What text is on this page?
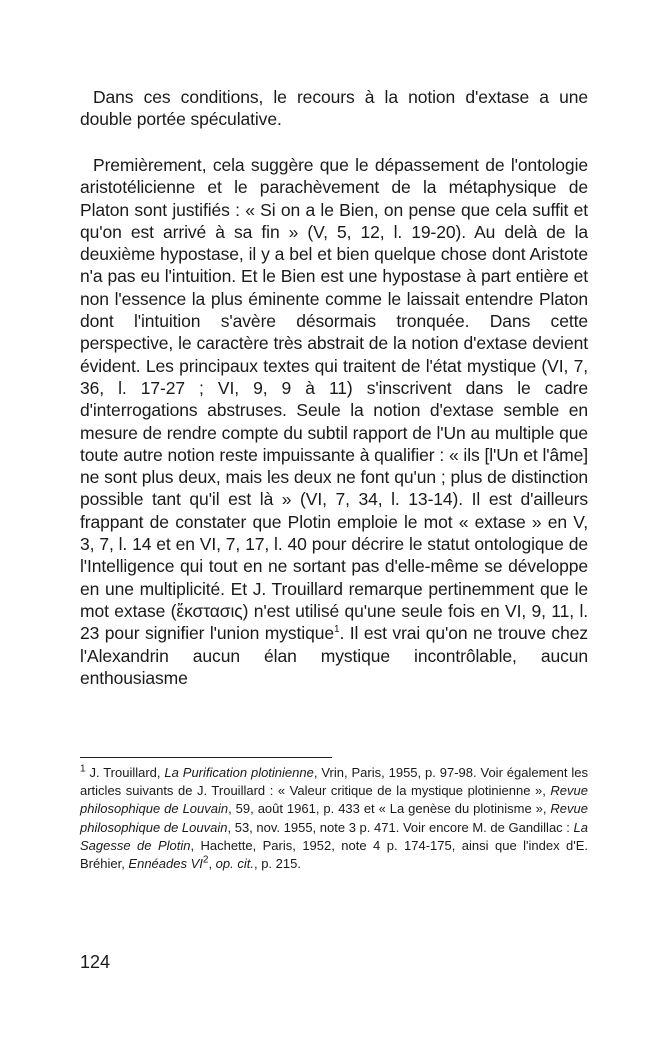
Dans ces conditions, le recours à la notion d'extase a une double portée spéculative.

Premièrement, cela suggère que le dépassement de l'ontologie aristotélicienne et le parachèvement de la métaphysique de Platon sont justifiés : « Si on a le Bien, on pense que cela suffit et qu'on est arrivé à sa fin » (V, 5, 12, l. 19-20). Au delà de la deuxième hypostase, il y a bel et bien quelque chose dont Aristote n'a pas eu l'intuition. Et le Bien est une hypostase à part entière et non l'essence la plus éminente comme le laissait entendre Platon dont l'intuition s'avère désormais tronquée. Dans cette perspective, le caractère très abstrait de la notion d'extase devient évident. Les principaux textes qui traitent de l'état mystique (VI, 7, 36, l. 17-27 ; VI, 9, 9 à 11) s'inscrivent dans le cadre d'interrogations abstruses. Seule la notion d'extase semble en mesure de rendre compte du subtil rapport de l'Un au multiple que toute autre notion reste impuissante à qualifier : « ils [l'Un et l'âme] ne sont plus deux, mais les deux ne font qu'un ; plus de distinction possible tant qu'il est là » (VI, 7, 34, l. 13-14). Il est d'ailleurs frappant de constater que Plotin emploie le mot « extase » en V, 3, 7, l. 14 et en VI, 7, 17, l. 40 pour décrire le statut ontologique de l'Intelligence qui tout en ne sortant pas d'elle-même se développe en une multiplicité. Et J. Trouillard remarque pertinemment que le mot extase (ἔκστασις) n'est utilisé qu'une seule fois en VI, 9, 11, l. 23 pour signifier l'union mystique$^1$. Il est vrai qu'on ne trouve chez l'Alexandrin aucun élan mystique incontrôlable, aucun enthousiasme

$^1$ J. Trouillard, La Purification plotinienne, Vrin, Paris, 1955, p. 97-98. Voir également les articles suivants de J. Trouillard : « Valeur critique de la mystique plotinienne », Revue philosophique de Louvain, 59, août 1961, p. 433 et « La genèse du plotinisme », Revue philosophique de Louvain, 53, nov. 1955, note 3 p. 471. Voir encore M. de Gandillac : La Sagesse de Plotin, Hachette, Paris, 1952, note 4 p. 174-175, ainsi que l'index d'E. Bréhier, Ennéades $VI^2$, op. cit., p. 215.
124
